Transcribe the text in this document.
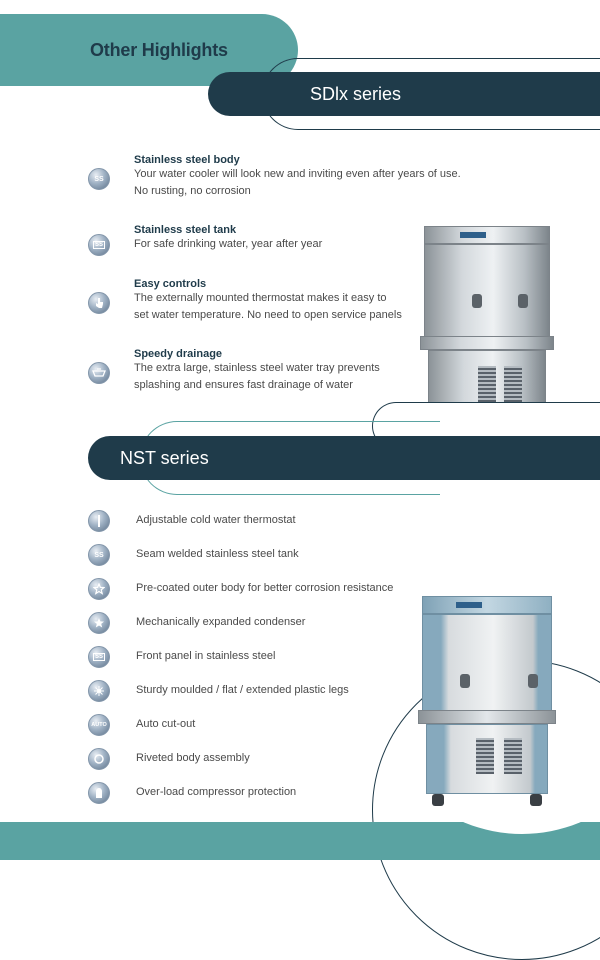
Other Highlights
SDlx series
SS
Stainless steel body
Your water cooler will look new and inviting even after years of use.
No rusting, no corrosion
SS
Stainless steel tank
For safe drinking water, year after year
Easy controls
The externally mounted thermostat makes it easy to
set water temperature. No need to open service panels
Speedy drainage
The extra large, stainless steel water tray prevents
splashing and ensures fast drainage of water
NST series
Adjustable cold water thermostat
SS	Seam welded stainless steel tank
Pre-coated outer body for better corrosion resistance
Mechanically expanded condenser
SS	Front panel in stainless steel
Sturdy moulded / flat / extended plastic legs
AUTO	Auto cut-out
Riveted body assembly
Over-load compressor protection
